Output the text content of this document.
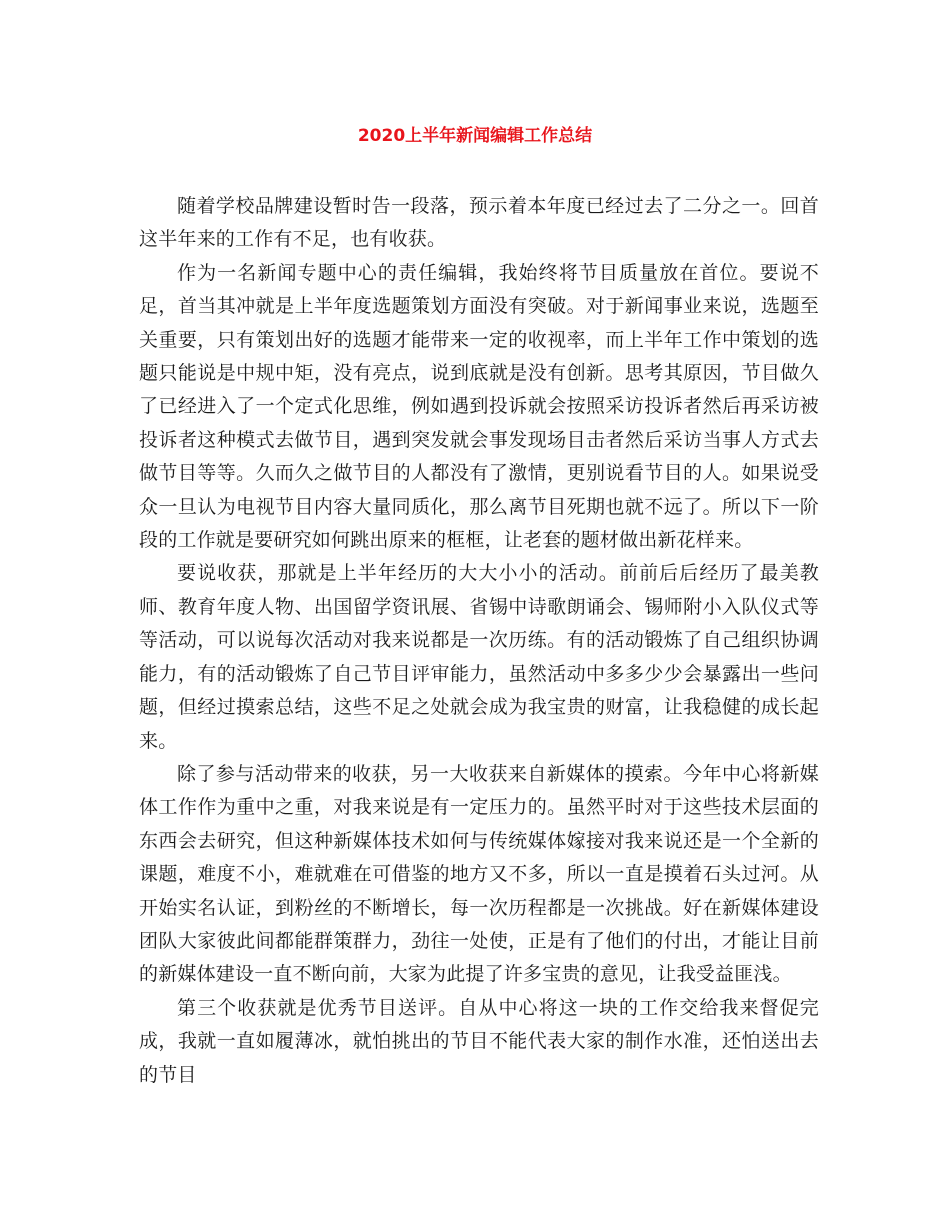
2020上半年新闻编辑工作总结

随着学校品牌建设暂时告一段落，预示着本年度已经过去了二分之一。回首这半年来的工作有不足，也有收获。

作为一名新闻专题中心的责任编辑，我始终将节目质量放在首位。要说不足，首当其冲就是上半年度选题策划方面没有突破。对于新闻事业来说，选题至关重要，只有策划出好的选题才能带来一定的收视率，而上半年工作中策划的选题只能说是中规中矩，没有亮点，说到底就是没有创新。思考其原因，节目做久了已经进入了一个定式化思维，例如遇到投诉就会按照采访投诉者然后再采访被投诉者这种模式去做节目，遇到突发就会事发现场目击者然后采访当事人方式去做节目等等。久而久之做节目的人都没有了激情，更别说看节目的人。如果说受众一旦认为电视节目内容大量同质化，那么离节目死期也就不远了。所以下一阶段的工作就是要研究如何跳出原来的框框，让老套的题材做出新花样来。

要说收获，那就是上半年经历的大大小小的活动。前前后后经历了最美教师、教育年度人物、出国留学资讯展、省锡中诗歌朗诵会、锡师附小入队仪式等等活动，可以说每次活动对我来说都是一次历练。有的活动锻炼了自己组织协调能力，有的活动锻炼了自己节目评审能力，虽然活动中多多少少会暴露出一些问题，但经过摸索总结，这些不足之处就会成为我宝贵的财富，让我稳健的成长起来。

除了参与活动带来的收获，另一大收获来自新媒体的摸索。今年中心将新媒体工作作为重中之重，对我来说是有一定压力的。虽然平时对于这些技术层面的东西会去研究，但这种新媒体技术如何与传统媒体嫁接对我来说还是一个全新的课题，难度不小，难就难在可借鉴的地方又不多，所以一直是摸着石头过河。从开始实名认证，到粉丝的不断增长，每一次历程都是一次挑战。好在新媒体建设团队大家彼此间都能群策群力，劲往一处使，正是有了他们的付出，才能让目前的新媒体建设一直不断向前，大家为此提了许多宝贵的意见，让我受益匪浅。

第三个收获就是优秀节目送评。自从中心将这一块的工作交给我来督促完成，我就一直如履薄冰，就怕挑出的节目不能代表大家的制作水准，还怕送出去的节目
